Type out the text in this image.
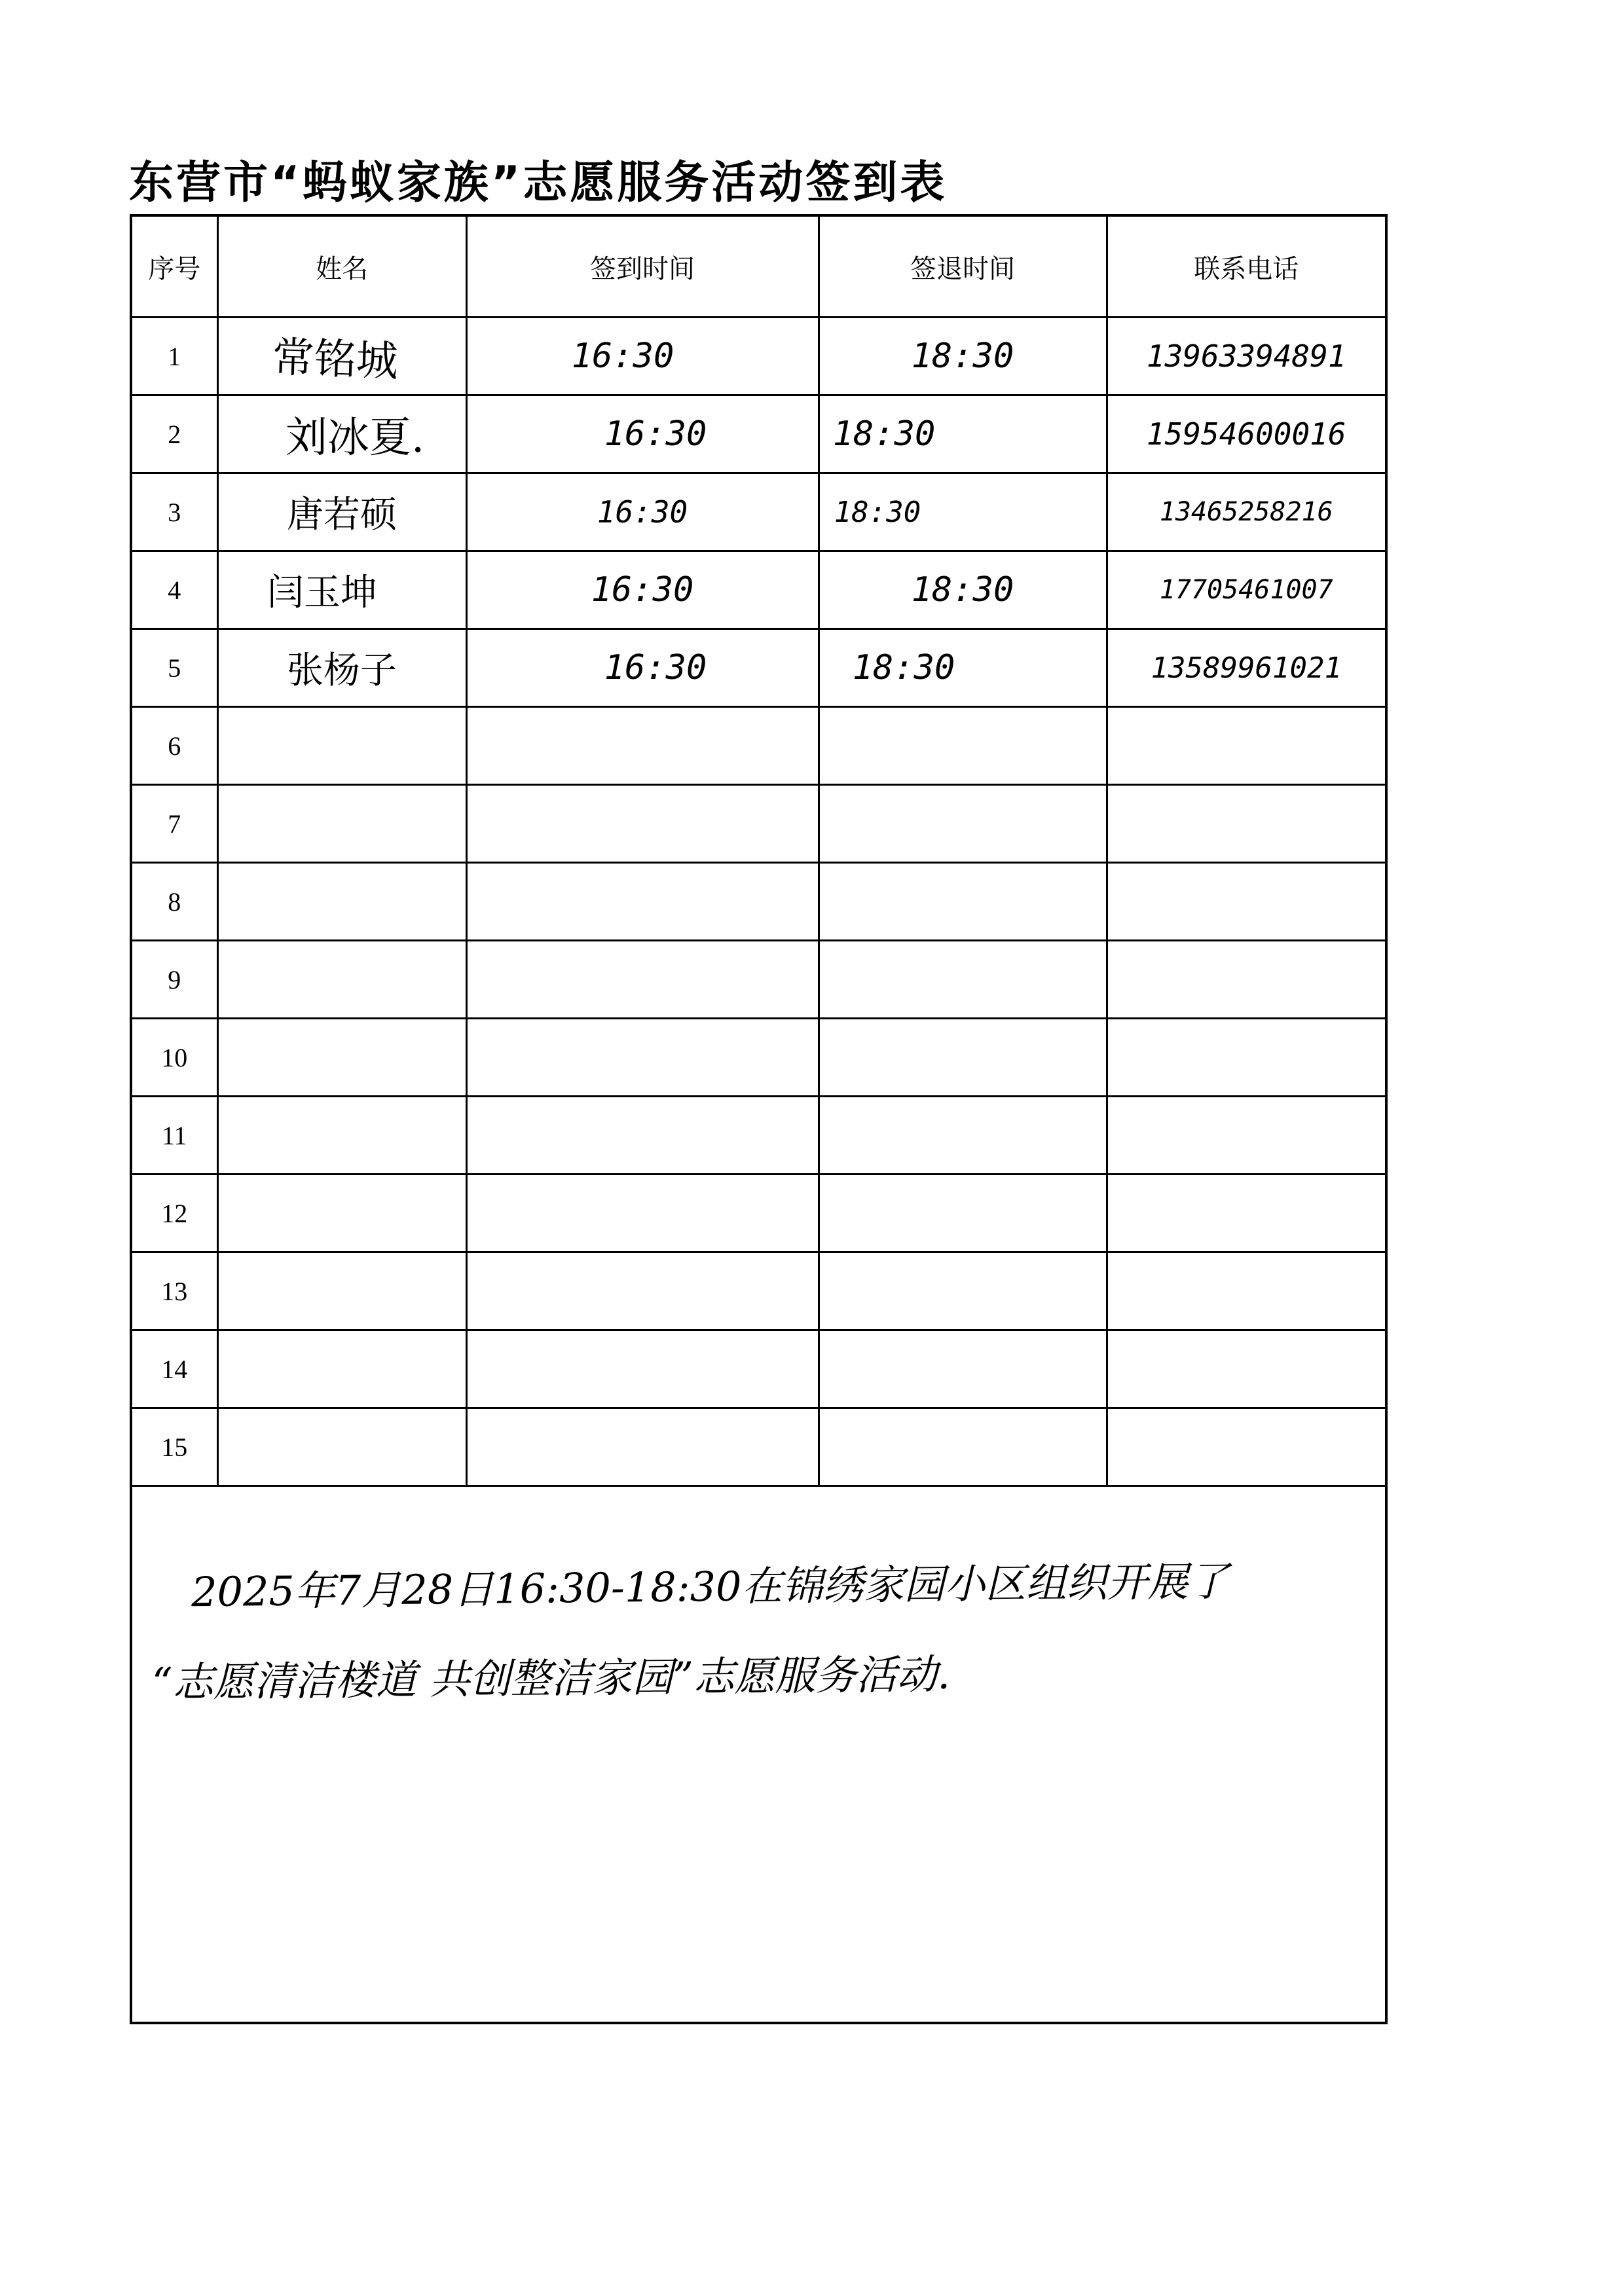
东营市“蚂蚁家族”志愿服务活动签到表
序号	姓名	签到时间	签退时间	联系电话
1	常铭城	16:30	18:30	13963394891
2	刘冰夏.	16:30	18:30	15954600016
3	唐若硕	16:30	18:30	13465258216
4	闫玉坤	16:30	18:30	17705461007
5	张杨子	16:30	18:30	13589961021
6				
7				
8				
9				
10				
11				
12				
13				
14				
15				
2025年7月28日16:30-18:30在锦绣家园小区组织开展了
“志愿清洁楼道 共创整洁家园”志愿服务活动.
